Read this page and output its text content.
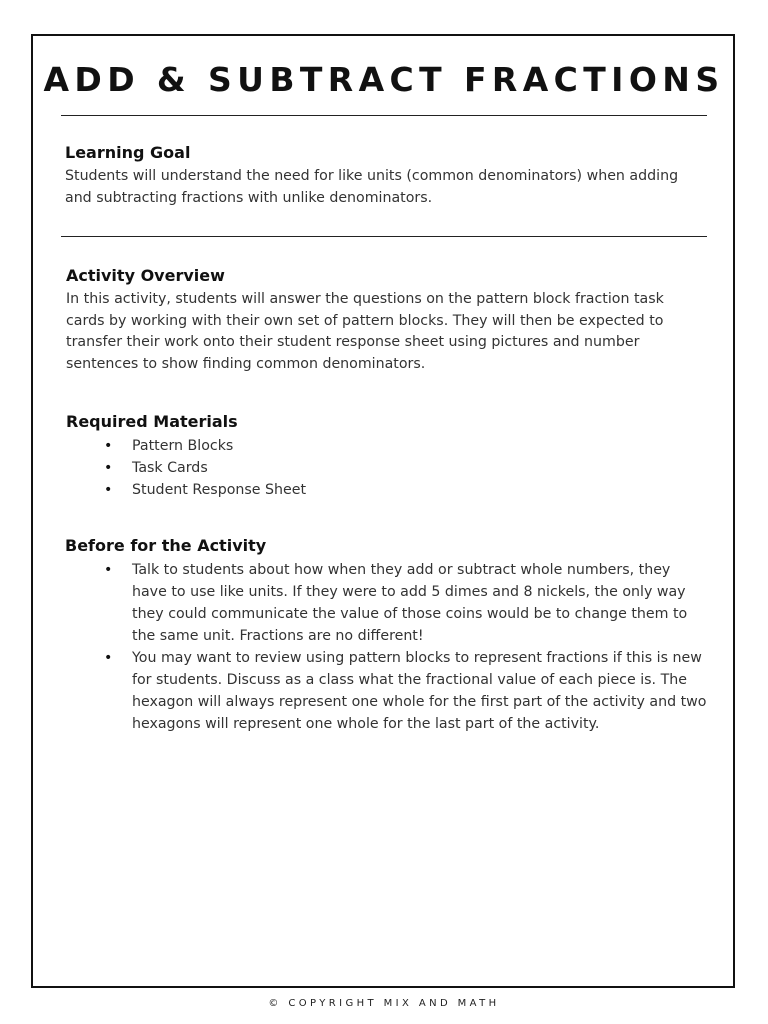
ADD & SUBTRACT FRACTIONS
Learning Goal
Students will understand the need for like units (common denominators) when adding and subtracting fractions with unlike denominators.
Activity Overview
In this activity, students will answer the questions on the pattern block fraction task cards by working with their own set of pattern blocks. They will then be expected to transfer their work onto their student response sheet using pictures and number sentences to show finding common denominators.
Required Materials
• Pattern Blocks
• Task Cards
• Student Response Sheet
Before for the Activity
• Talk to students about how when they add or subtract whole numbers, they have to use like units. If they were to add 5 dimes and 8 nickels, the only way they could communicate the value of those coins would be to change them to the same unit. Fractions are no different!
• You may want to review using pattern blocks to represent fractions if this is new for students. Discuss as a class what the fractional value of each piece is. The hexagon will always represent one whole for the first part of the activity and two hexagons will represent one whole for the last part of the activity.
© COPYRIGHT MIX AND MATH
